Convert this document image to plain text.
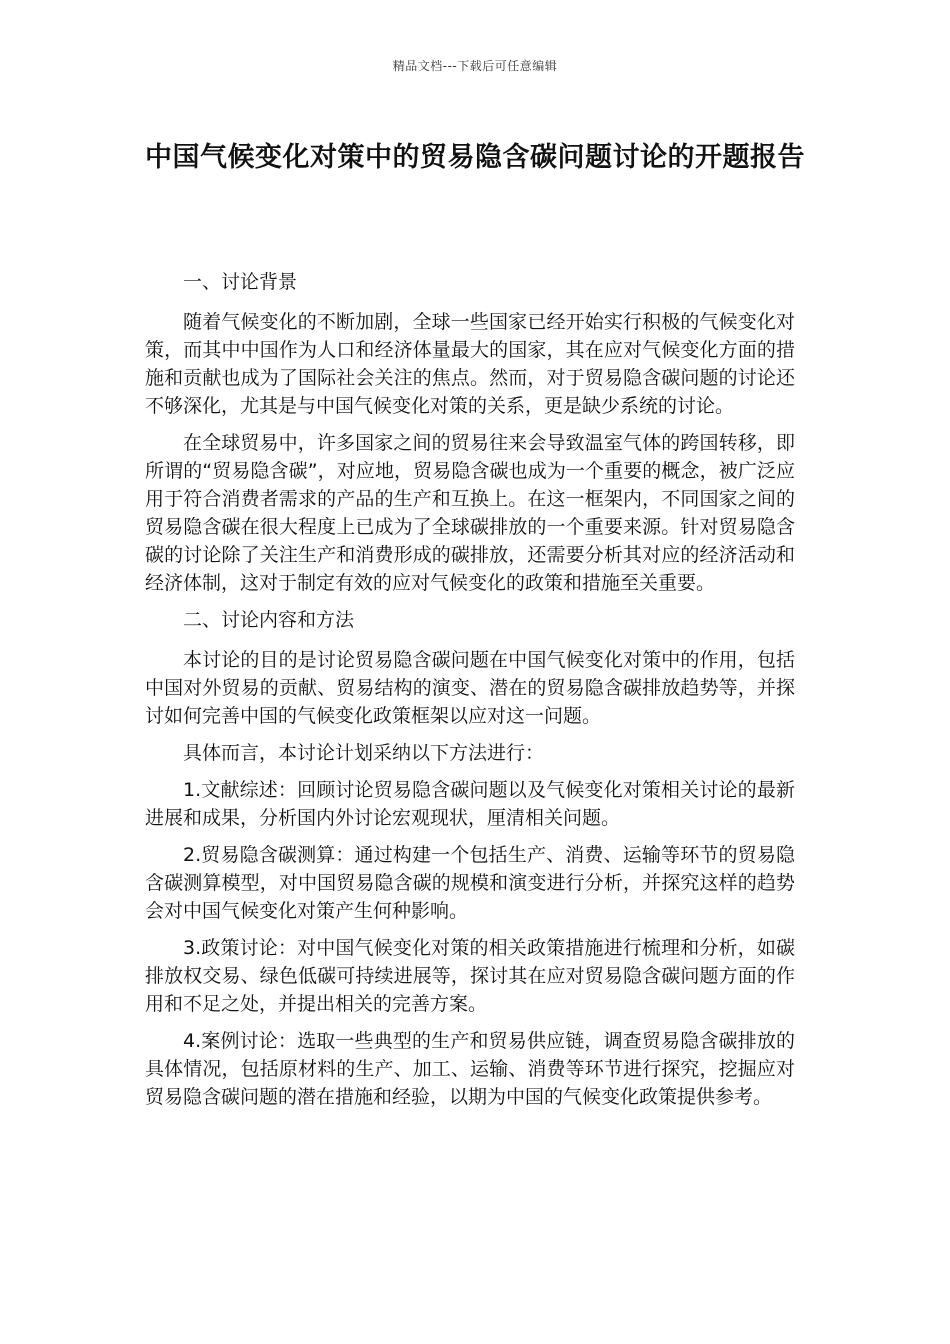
精品文档---下载后可任意编辑
中国气候变化对策中的贸易隐含碳问题讨论的开题报告

一、讨论背景

随着气候变化的不断加剧，全球一些国家已经开始实行积极的气候变化对策，而其中中国作为人口和经济体量最大的国家，其在应对气候变化方面的措施和贡献也成为了国际社会关注的焦点。然而，对于贸易隐含碳问题的讨论还不够深化，尤其是与中国气候变化对策的关系，更是缺少系统的讨论。

在全球贸易中，许多国家之间的贸易往来会导致温室气体的跨国转移，即所谓的“贸易隐含碳”，对应地，贸易隐含碳也成为一个重要的概念，被广泛应用于符合消费者需求的产品的生产和互换上。在这一框架内，不同国家之间的贸易隐含碳在很大程度上已成为了全球碳排放的一个重要来源。针对贸易隐含碳的讨论除了关注生产和消费形成的碳排放，还需要分析其对应的经济活动和经济体制，这对于制定有效的应对气候变化的政策和措施至关重要。

二、讨论内容和方法

本讨论的目的是讨论贸易隐含碳问题在中国气候变化对策中的作用，包括中国对外贸易的贡献、贸易结构的演变、潜在的贸易隐含碳排放趋势等，并探讨如何完善中国的气候变化政策框架以应对这一问题。

具体而言，本讨论计划采纳以下方法进行：

1.文献综述：回顾讨论贸易隐含碳问题以及气候变化对策相关讨论的最新进展和成果，分析国内外讨论宏观现状，厘清相关问题。

2.贸易隐含碳测算：通过构建一个包括生产、消费、运输等环节的贸易隐含碳测算模型，对中国贸易隐含碳的规模和演变进行分析，并探究这样的趋势会对中国气候变化对策产生何种影响。

3.政策讨论：对中国气候变化对策的相关政策措施进行梳理和分析，如碳排放权交易、绿色低碳可持续进展等，探讨其在应对贸易隐含碳问题方面的作用和不足之处，并提出相关的完善方案。

4.案例讨论：选取一些典型的生产和贸易供应链，调查贸易隐含碳排放的具体情况，包括原材料的生产、加工、运输、消费等环节进行探究，挖掘应对贸易隐含碳问题的潜在措施和经验，以期为中国的气候变化政策提供参考。
